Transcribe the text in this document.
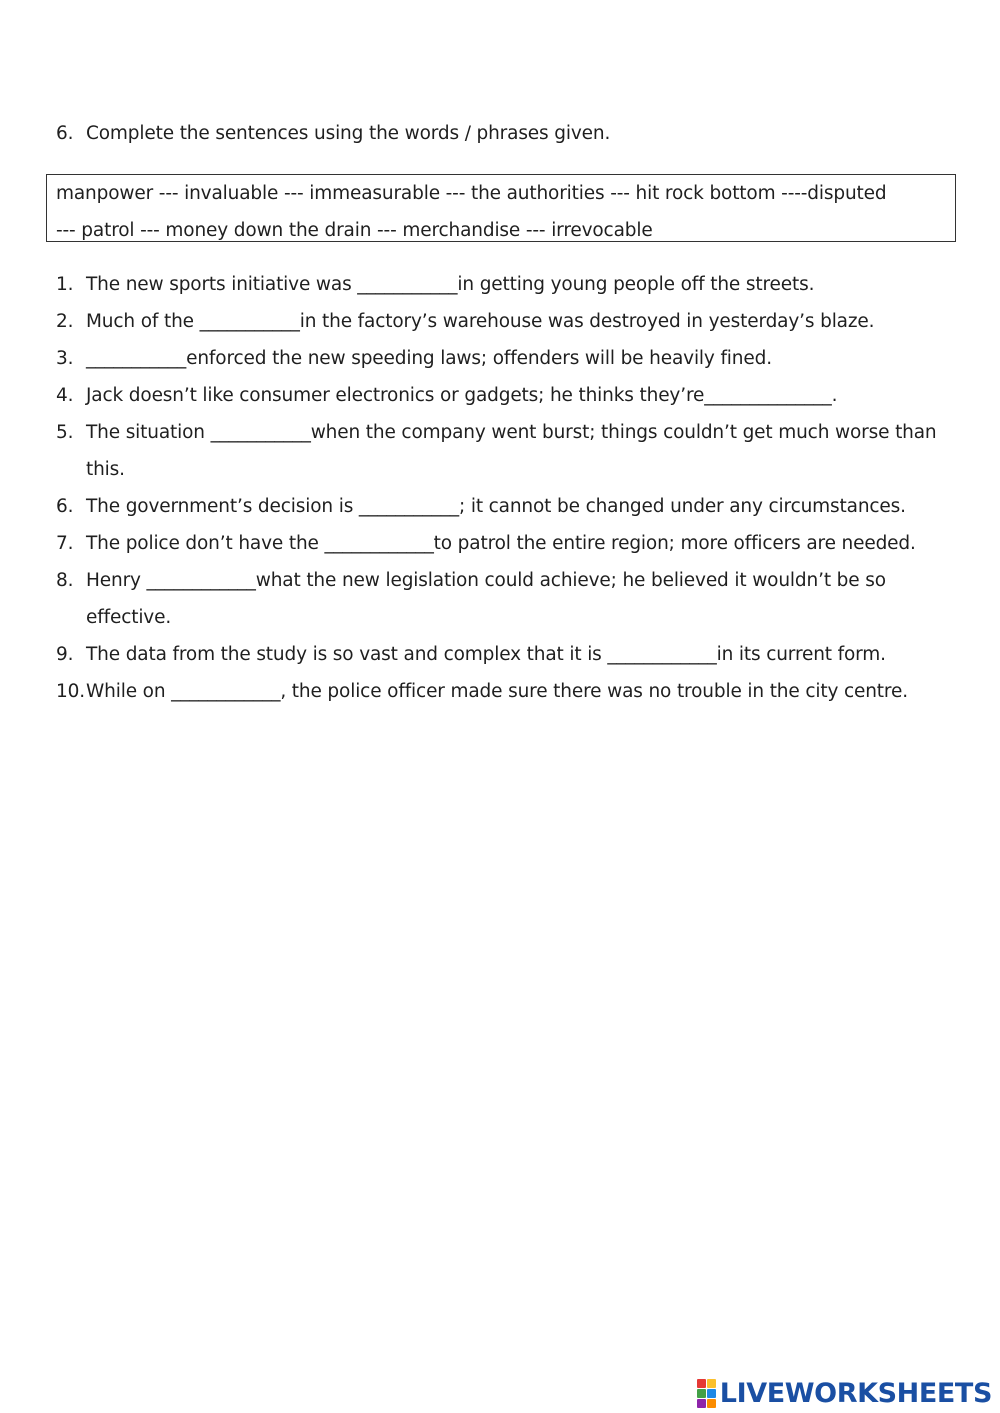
6. Complete the sentences using the words / phrases given.
manpower --- invaluable --- immeasurable --- the authorities --- hit rock bottom ----disputed
--- patrol --- money down the drain --- merchandise --- irrevocable
1. The new sports initiative was ___________in getting young people off the streets.
2. Much of the ___________in the factory’s warehouse was destroyed in yesterday’s blaze.
3. ___________enforced the new speeding laws; offenders will be heavily fined.
4. Jack doesn’t like consumer electronics or gadgets; he thinks they’re______________.
5. The situation ___________when the company went burst; things couldn’t get much worse than this.
6. The government’s decision is ___________; it cannot be changed under any circumstances.
7. The police don’t have the ____________to patrol the entire region; more officers are needed.
8. Henry ____________what the new legislation could achieve; he believed it wouldn’t be so effective.
9. The data from the study is so vast and complex that it is ____________in its current form.
10. While on ____________, the police officer made sure there was no trouble in the city centre.
LIVEWORKSHEETS
